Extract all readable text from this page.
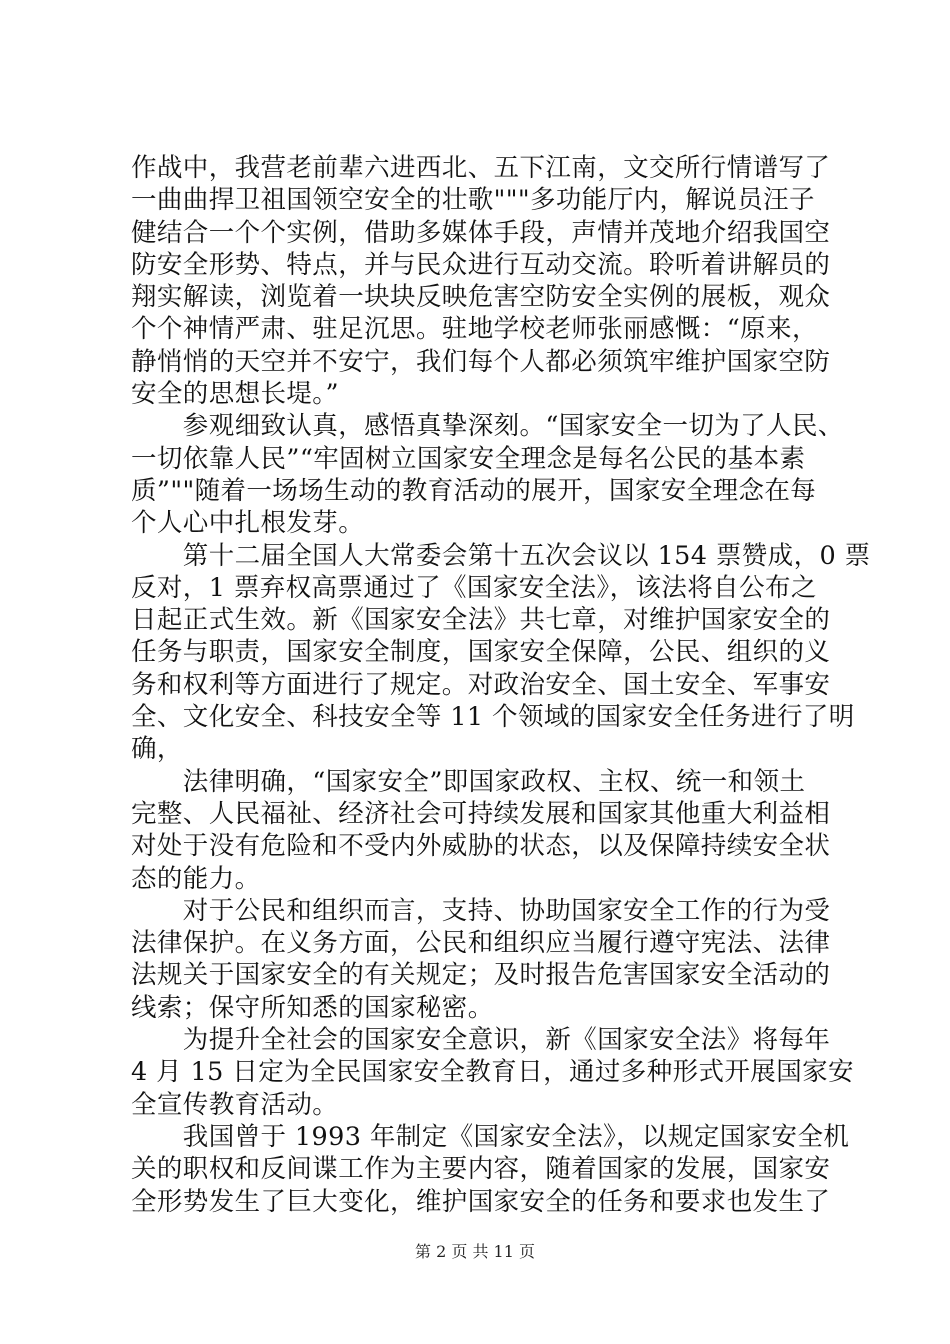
作战中，我营老前辈六进西北、五下江南，文交所行情谱写了
一曲曲捍卫祖国领空安全的壮歌"""多功能厅内，解说员汪子
健结合一个个实例，借助多媒体手段，声情并茂地介绍我国空
防安全形势、特点，并与民众进行互动交流。聆听着讲解员的
翔实解读，浏览着一块块反映危害空防安全实例的展板，观众
个个神情严肃、驻足沉思。驻地学校老师张丽感慨：“原来，
静悄悄的天空并不安宁，我们每个人都必须筑牢维护国家空防
安全的思想长堤。”
　　参观细致认真，感悟真挚深刻。“国家安全一切为了人民、
一切依靠人民”“牢固树立国家安全理念是每名公民的基本素
质”""随着一场场生动的教育活动的展开，国家安全理念在每
个人心中扎根发芽。
　　第十二届全国人大常委会第十五次会议以 154 票赞成，0 票
反对，1 票弃权高票通过了《国家安全法》，该法将自公布之
日起正式生效。新《国家安全法》共七章，对维护国家安全的
任务与职责，国家安全制度，国家安全保障，公民、组织的义
务和权利等方面进行了规定。对政治安全、国土安全、军事安
全、文化安全、科技安全等 11 个领域的国家安全任务进行了明
确，
　　法律明确，“国家安全”即国家政权、主权、统一和领土
完整、人民福祉、经济社会可持续发展和国家其他重大利益相
对处于没有危险和不受内外威胁的状态，以及保障持续安全状
态的能力。
　　对于公民和组织而言，支持、协助国家安全工作的行为受
法律保护。在义务方面，公民和组织应当履行遵守宪法、法律
法规关于国家安全的有关规定；及时报告危害国家安全活动的
线索；保守所知悉的国家秘密。
　　为提升全社会的国家安全意识，新《国家安全法》将每年
4 月 15 日定为全民国家安全教育日，通过多种形式开展国家安
全宣传教育活动。
　　我国曾于 1993 年制定《国家安全法》，以规定国家安全机
关的职权和反间谍工作为主要内容，随着国家的发展，国家安
全形势发生了巨大变化，维护国家安全的任务和要求也发生了
第 2 页 共 11 页
